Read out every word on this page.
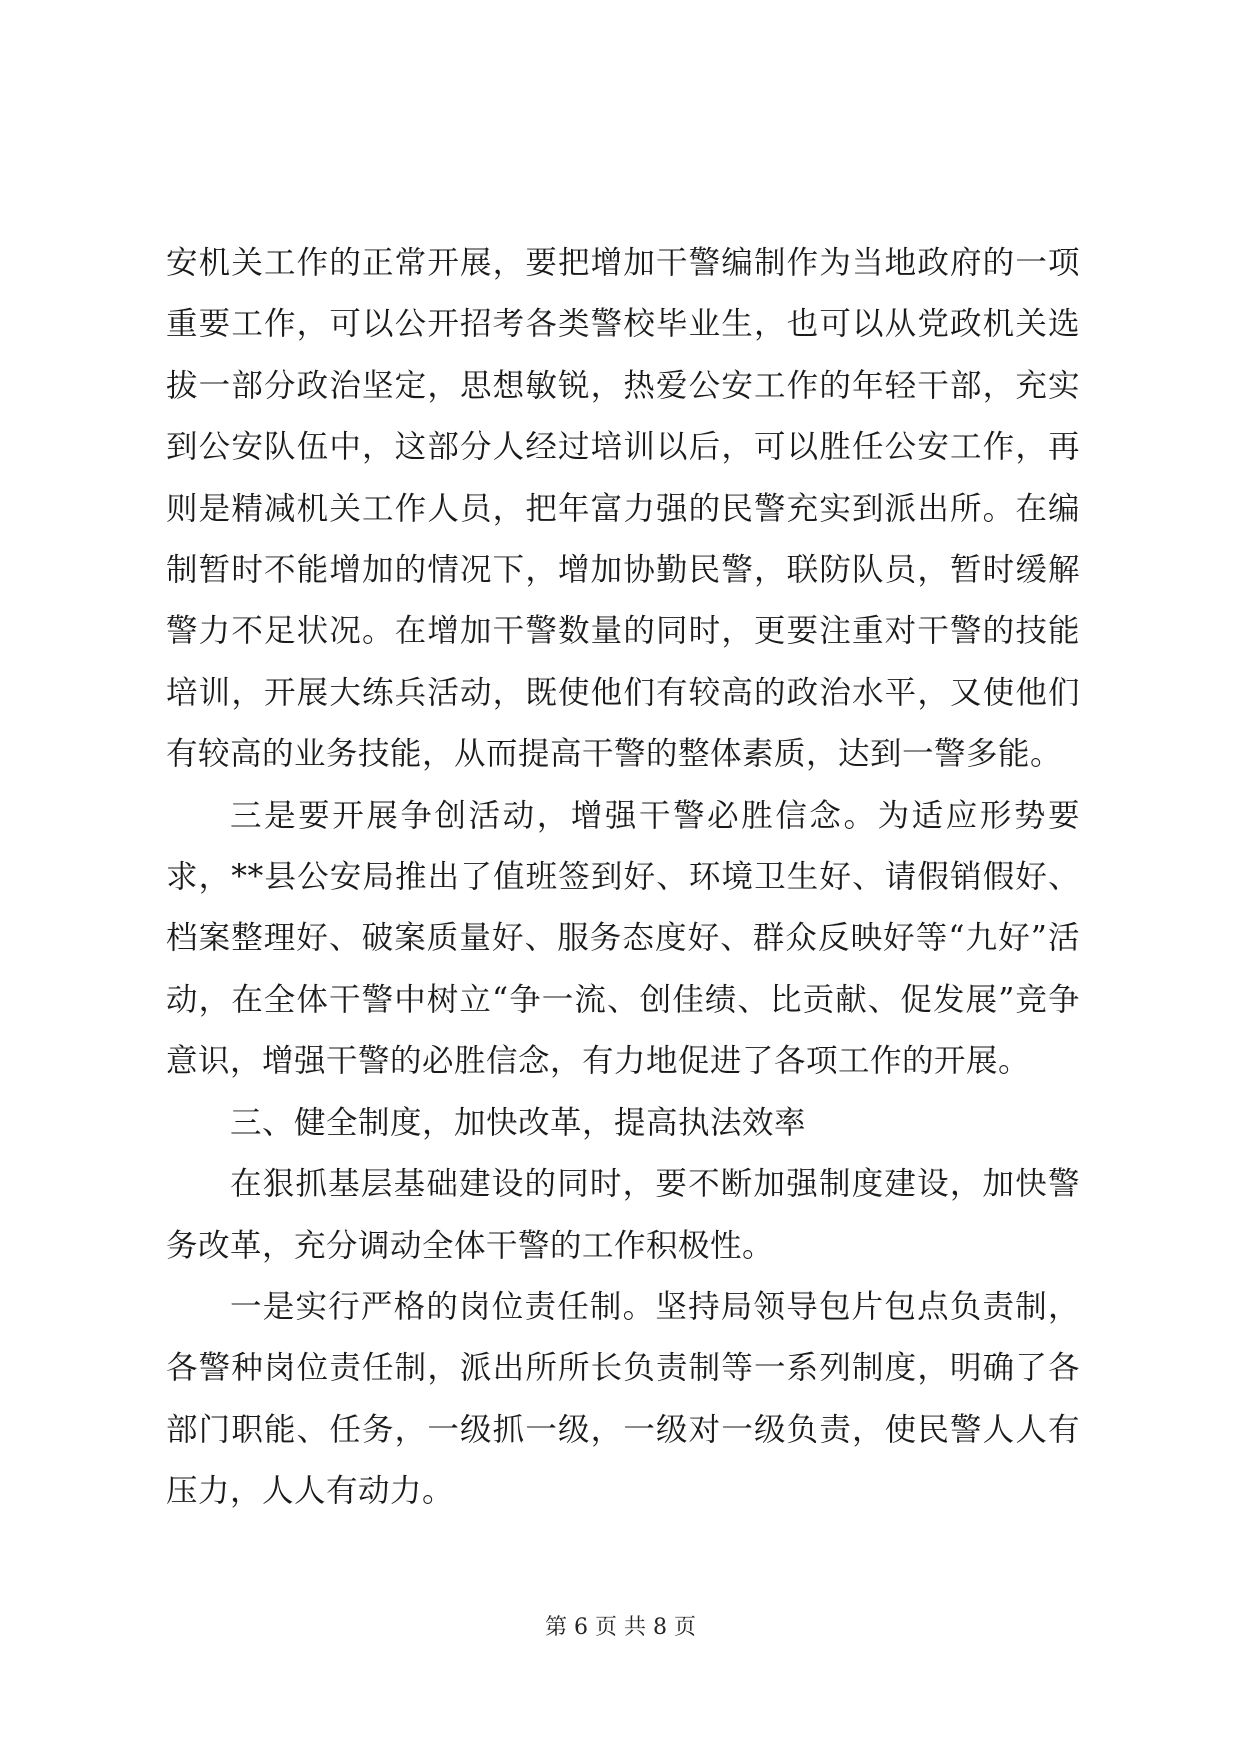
安机关工作的正常开展，要把增加干警编制作为当地政府的一项重要工作，可以公开招考各类警校毕业生，也可以从党政机关选拔一部分政治坚定，思想敏锐，热爱公安工作的年轻干部，充实到公安队伍中，这部分人经过培训以后，可以胜任公安工作，再则是精减机关工作人员，把年富力强的民警充实到派出所。在编制暂时不能增加的情况下，增加协勤民警，联防队员，暂时缓解警力不足状况。在增加干警数量的同时，更要注重对干警的技能培训，开展大练兵活动，既使他们有较高的政治水平，又使他们有较高的业务技能，从而提高干警的整体素质，达到一警多能。

三是要开展争创活动，增强干警必胜信念。为适应形势要求，**县公安局推出了值班签到好、环境卫生好、请假销假好、档案整理好、破案质量好、服务态度好、群众反映好等“九好”活动，在全体干警中树立“争一流、创佳绩、比贡献、促发展”竞争意识，增强干警的必胜信念，有力地促进了各项工作的开展。

三、健全制度，加快改革，提高执法效率

在狠抓基层基础建设的同时，要不断加强制度建设，加快警务改革，充分调动全体干警的工作积极性。

一是实行严格的岗位责任制。坚持局领导包片包点负责制，各警种岗位责任制，派出所所长负责制等一系列制度，明确了各部门职能、任务，一级抓一级，一级对一级负责，使民警人人有压力，人人有动力。

第 6 页 共 8 页
